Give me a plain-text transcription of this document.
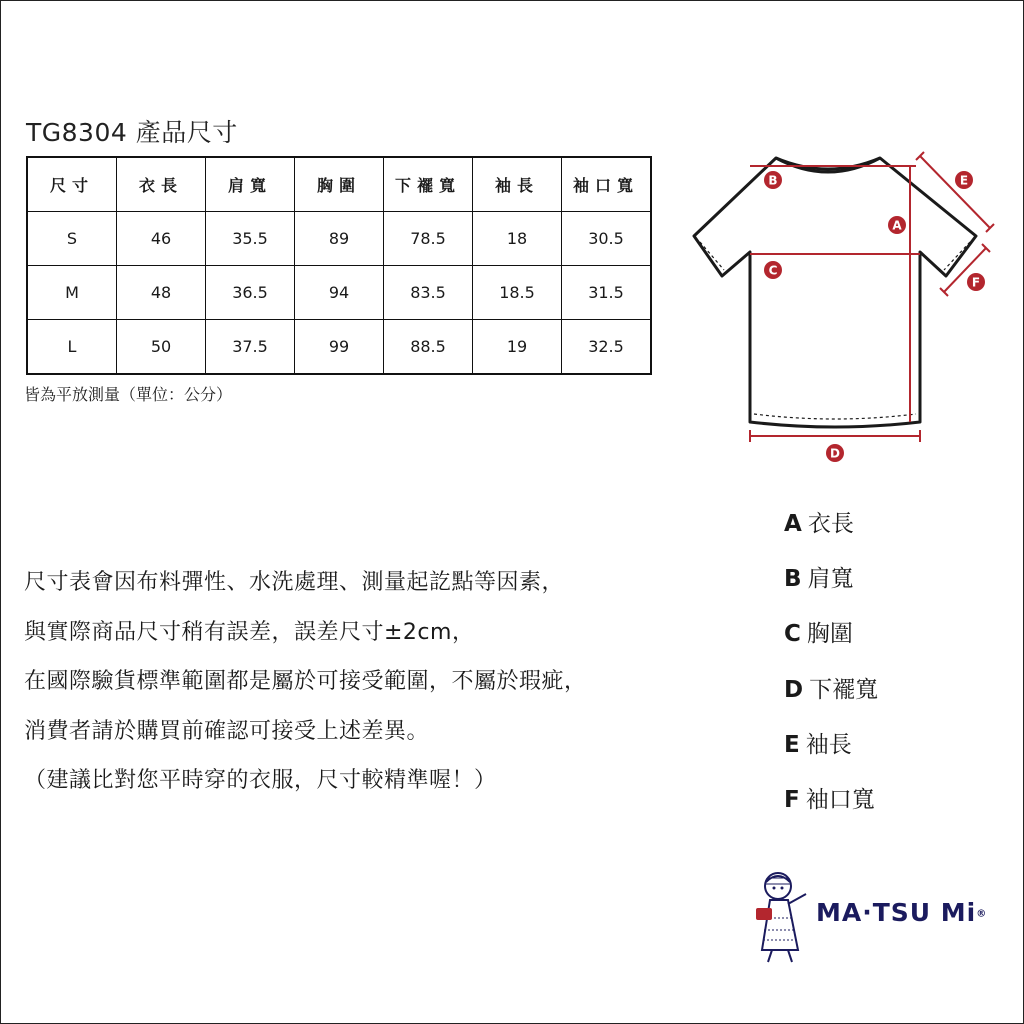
TG8304 產品尺寸
尺寸	衣長	肩寬	胸圍	下襬寬	袖長	袖口寬
S	46	35.5	89	78.5	18	30.5
M	48	36.5	94	83.5	18.5	31.5
L	50	37.5	99	88.5	19	32.5
皆為平放測量（單位：公分）
B
A
C
D
E
F
尺寸表會因布料彈性、水洗處理、測量起訖點等因素，
與實際商品尺寸稍有誤差，誤差尺寸±2cm，
在國際驗貨標準範圍都是屬於可接受範圍，不屬於瑕疵，
消費者請於購買前確認可接受上述差異。
（建議比對您平時穿的衣服，尺寸較精準喔！）
A 衣長
B 肩寬
C 胸圍
D 下襬寬
E 袖長
F 袖口寬
MA·TSU Mi®
